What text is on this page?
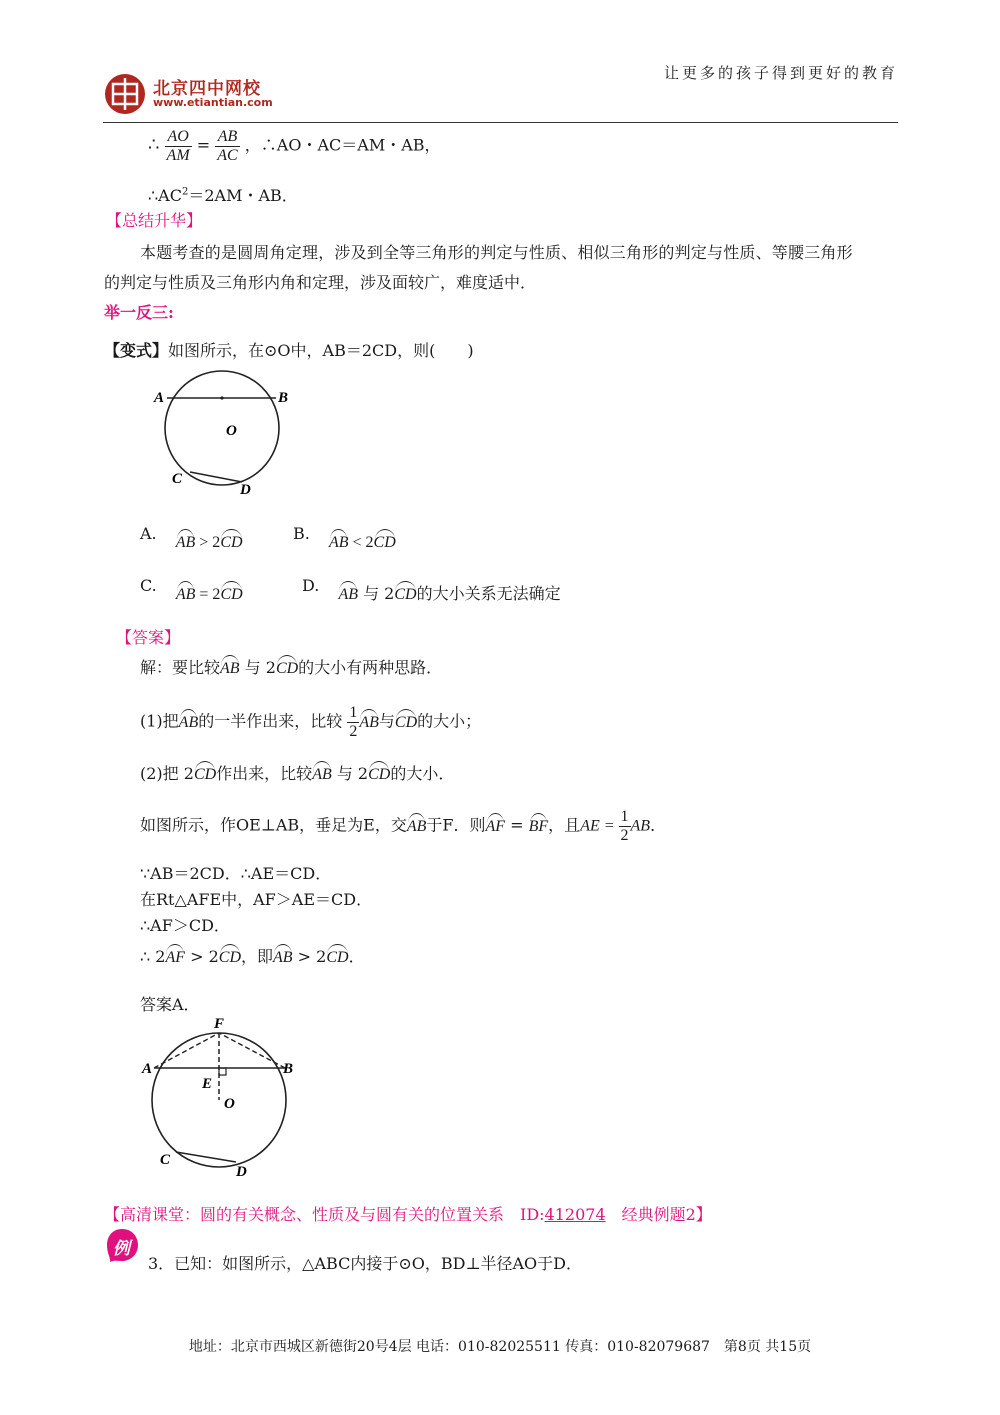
北京四中网校
www.etiantian.com
让更多的孩子得到更好的教育
∴ $\frac{AO}{AM} = \frac{AB}{AC}$ ，∴AO・AC＝AM・AB，
$\therefore AC^2=2AM$・AB．
【总结升华】
本题考查的是圆周角定理，涉及到全等三角形的判定与性质、相似三角形的判定与性质、等腰三角形
的判定与性质及三角形内角和定理，涉及面较广，难度适中．
举一反三:
【变式】如图所示，在⊙O中，AB＝2CD，则(　　)
A	B
O
C
D
A. AB > 2CD	B. AB < 2CD
C. AB = 2CD	D. AB 与 2CD的大小关系无法确定
【答案】
解：要比较AB 与 2CD的大小有两种思路．
(1)把AB的一半作出来，比较 $\frac{1}{2}$ AB与CD的大小；
(2)把 2CD作出来，比较AB 与 2CD的大小．
如图所示，作OE⊥AB，垂足为E，交AB于F．则AF = BF，且AE = $\frac{1}{2}$ AB．
∵AB＝2CD．∴AE＝CD．
在Rt△AFE中，AF＞AE＝CD．
∴AF＞CD．
∴ 2AF > 2CD，即AB > 2CD．
答案A．
F
A	B
E
O
C
D
【高清课堂：圆的有关概念、性质及与圆有关的位置关系　ID:412074　经典例题2】
例
3．已知：如图所示，△ABC内接于⊙O，BD⊥半径AO于D．
地址：北京市西城区新德街20号4层 电话：010-82025511 传真：010-82079687　第8页 共15页
